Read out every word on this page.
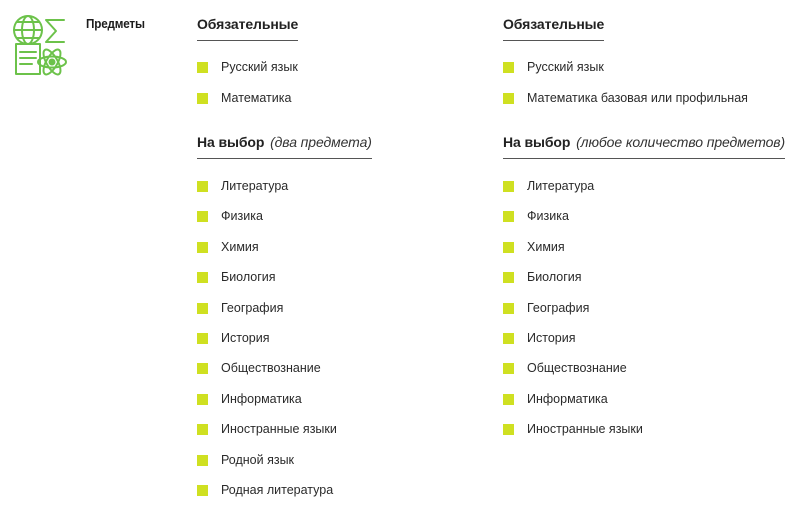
Предметы	Обязательные
Русский язык
Математика
На выбор (два предмета)
Литература
Физика
Химия
Биология
География
История
Обществознание
Информатика
Иностранные языки
Родной язык
Родная литература
Обязательные
Русский язык
Математика базовая или профильная
На выбор (любое количество предметов)
Литература
Физика
Химия
Биология
География
История
Обществознание
Информатика
Иностранные языки
